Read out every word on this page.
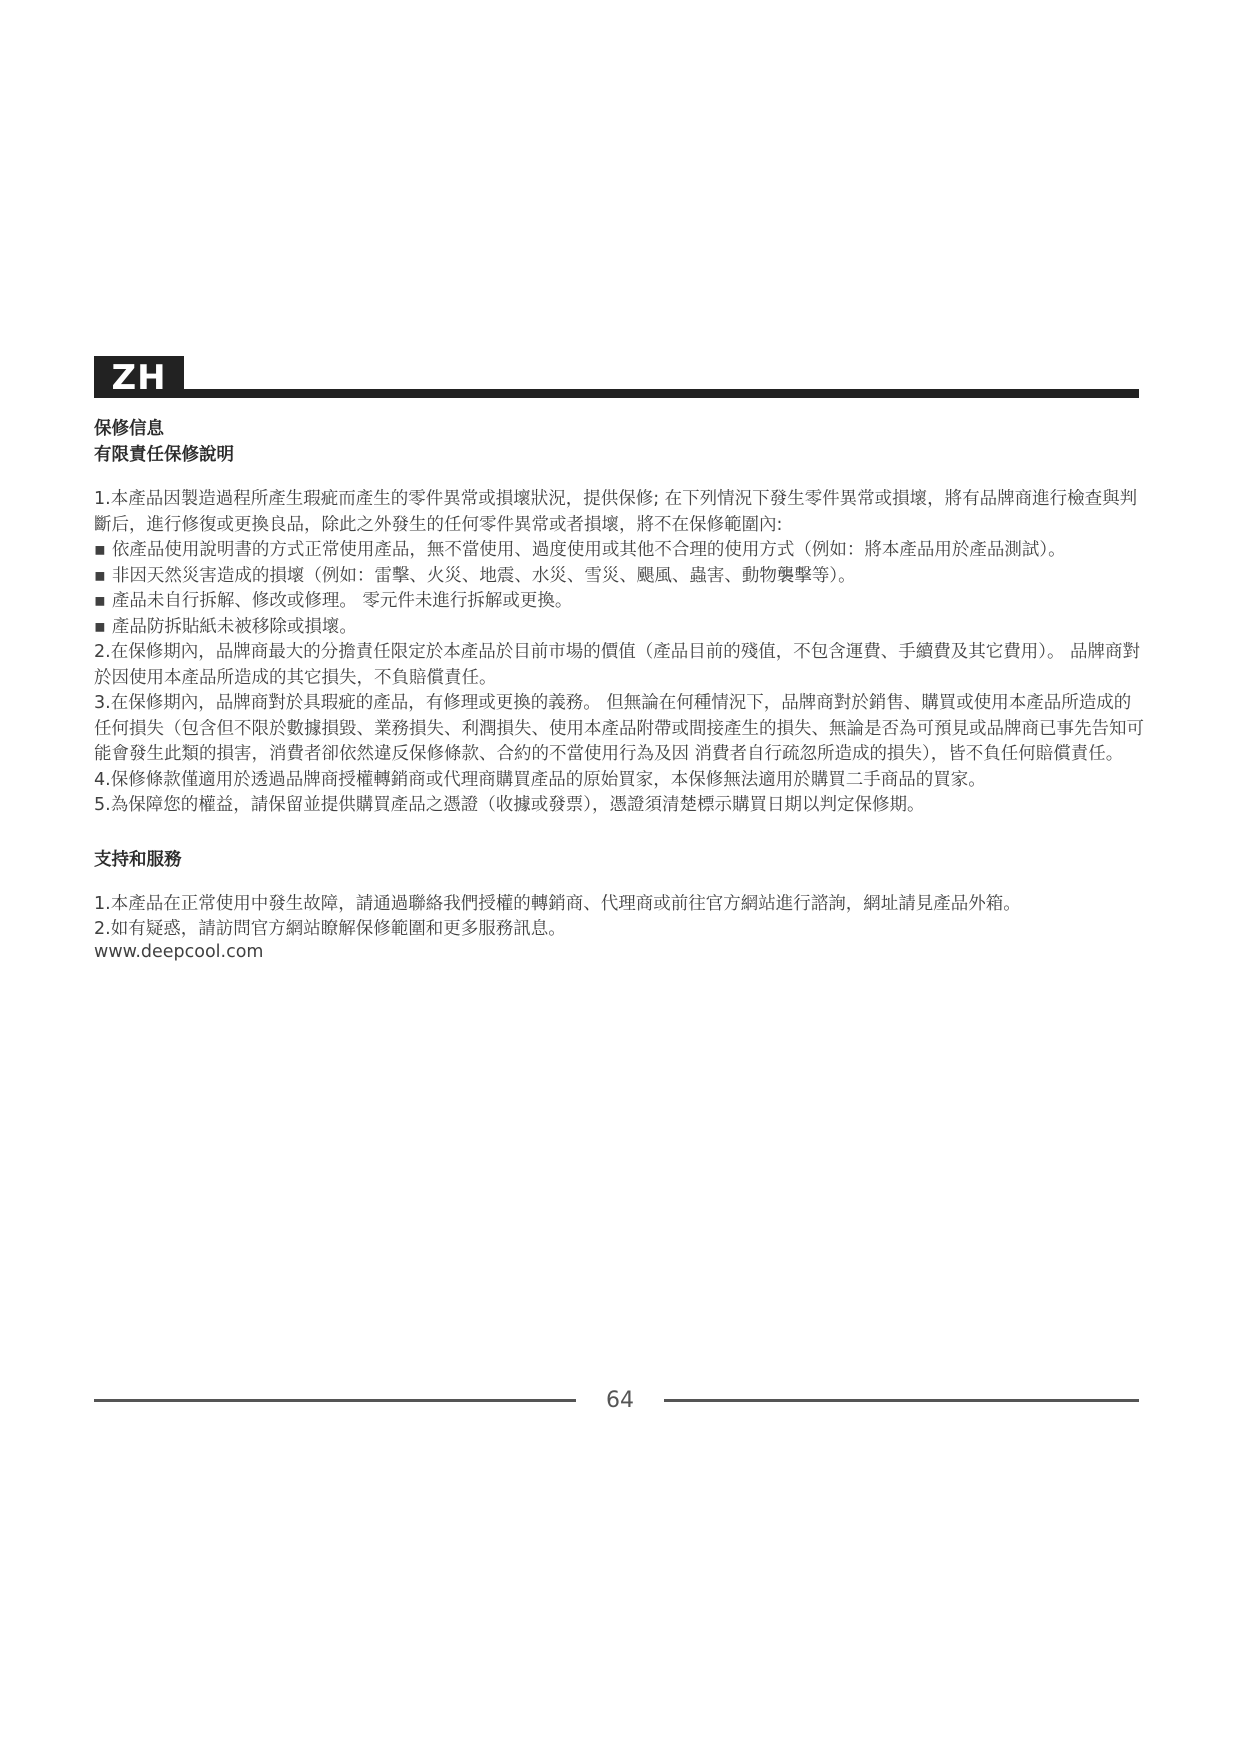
ZH

保修信息

有限責任保修說明

1.本產品因製造過程所產生瑕疵而產生的零件異常或損壞狀況，提供保修; 在下列情況下發生零件異常或損壞，將有品牌商進行檢查與判斷后，進行修復或更換良品，除此之外發生的任何零件異常或者損壞，將不在保修範圍內:

▪ 依產品使用說明書的方式正常使用產品，無不當使用、過度使用或其他不合理的使用方式（例如：將本產品用於產品測試）。

▪ 非因天然災害造成的損壞（例如：雷擊、火災、地震、水災、雪災、颶風、蟲害、動物襲擊等）。

▪ 產品未自行拆解、修改或修理。 零元件未進行拆解或更換。

▪ 產品防拆貼紙未被移除或損壞。

2.在保修期內，品牌商最大的分擔責任限定於本產品於目前市場的價值（產品目前的殘值，不包含運費、手續費及其它費用）。 品牌商對於因使用本產品所造成的其它損失，不負賠償責任。

3.在保修期內，品牌商對於具瑕疵的產品，有修理或更換的義務。 但無論在何種情況下，品牌商對於銷售、購買或使用本產品所造成的任何損失（包含但不限於數據損毀、業務損失、利潤損失、使用本產品附帶或間接產生的損失、無論是否為可預見或品牌商已事先告知可能會發生此類的損害，消費者卻依然違反保修條款、合約的不當使用行為及因 消費者自行疏忽所造成的損失），皆不負任何賠償責任。

4.保修條款僅適用於透過品牌商授權轉銷商或代理商購買產品的原始買家，本保修無法適用於購買二手商品的買家。

5.為保障您的權益，請保留並提供購買產品之憑證（收據或發票），憑證須清楚標示購買日期以判定保修期。

支持和服務

1.本產品在正常使用中發生故障，請通過聯絡我們授權的轉銷商、代理商或前往官方網站進行諮詢，網址請見產品外箱。

2.如有疑惑，請訪問官方網站瞭解保修範圍和更多服務訊息。

www.deepcool.com

64
